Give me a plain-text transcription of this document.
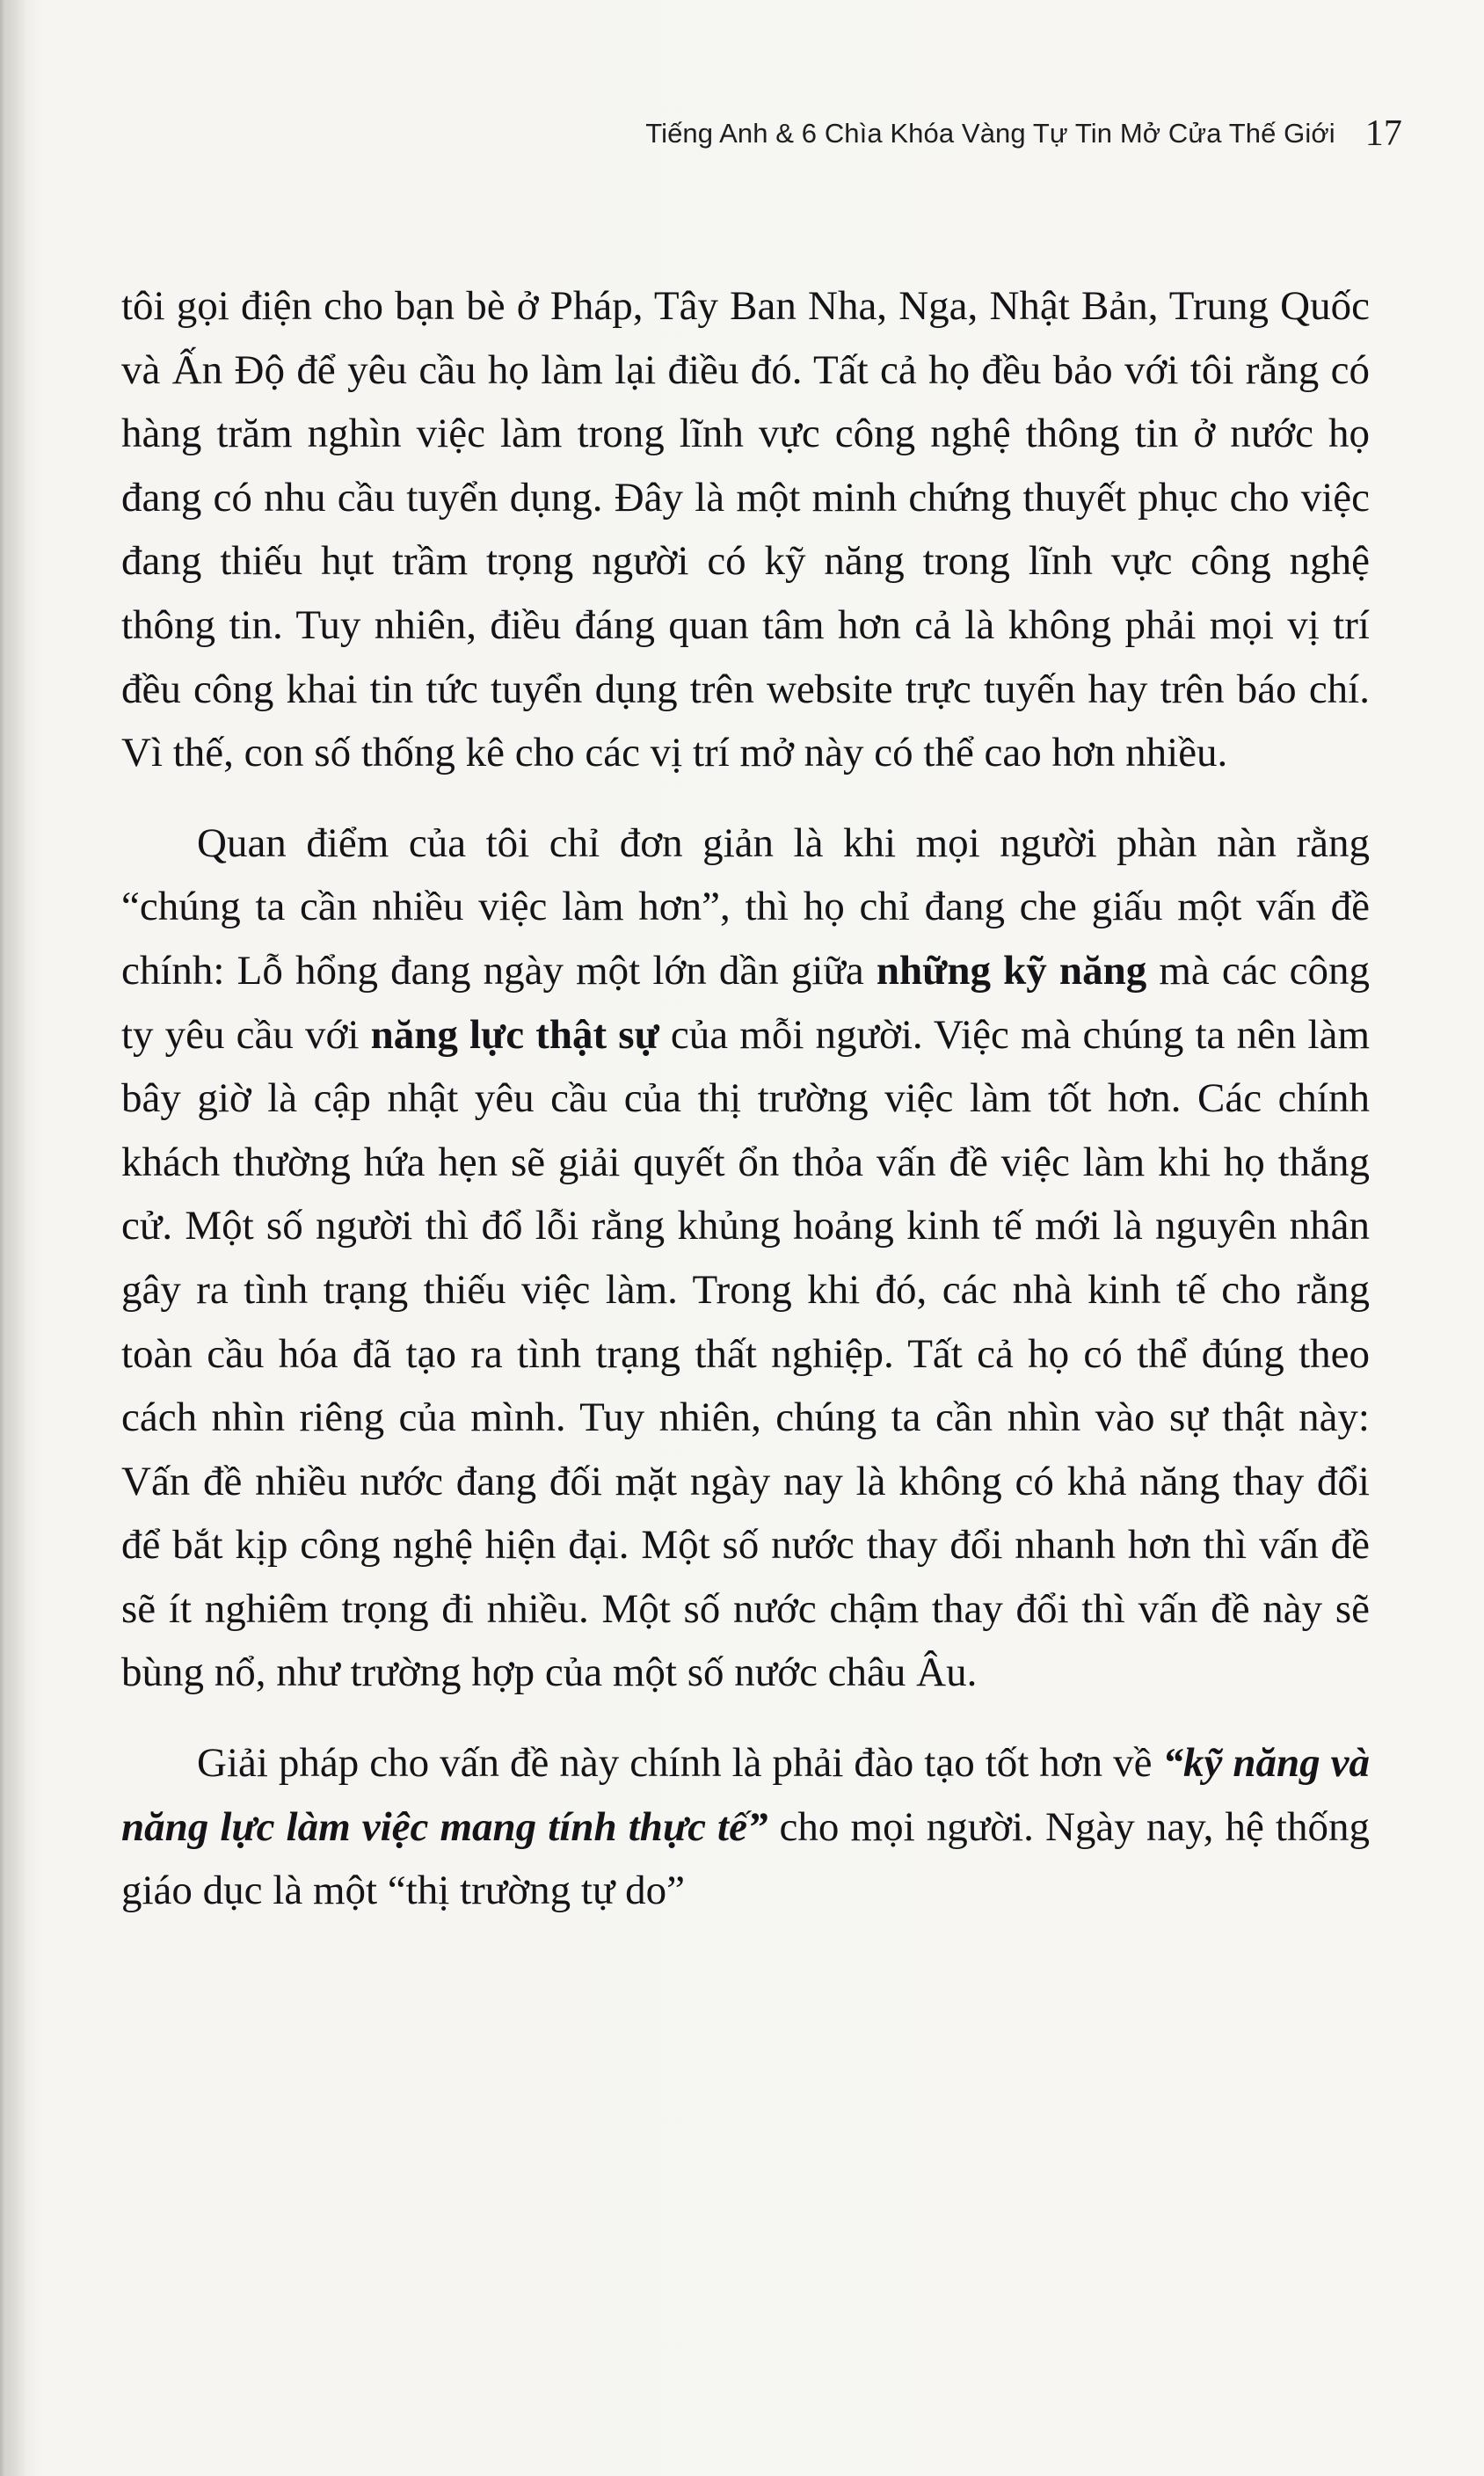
Tiếng Anh & 6 Chìa Khóa Vàng Tự Tin Mở Cửa Thế Giới 17

tôi gọi điện cho bạn bè ở Pháp, Tây Ban Nha, Nga, Nhật Bản, Trung Quốc và Ấn Độ để yêu cầu họ làm lại điều đó. Tất cả họ đều bảo với tôi rằng có hàng trăm nghìn việc làm trong lĩnh vực công nghệ thông tin ở nước họ đang có nhu cầu tuyển dụng. Đây là một minh chứng thuyết phục cho việc đang thiếu hụt trầm trọng người có kỹ năng trong lĩnh vực công nghệ thông tin. Tuy nhiên, điều đáng quan tâm hơn cả là không phải mọi vị trí đều công khai tin tức tuyển dụng trên website trực tuyến hay trên báo chí. Vì thế, con số thống kê cho các vị trí mở này có thể cao hơn nhiều.

Quan điểm của tôi chỉ đơn giản là khi mọi người phàn nàn rằng “chúng ta cần nhiều việc làm hơn”, thì họ chỉ đang che giấu một vấn đề chính: Lỗ hổng đang ngày một lớn dần giữa những kỹ năng mà các công ty yêu cầu với năng lực thật sự của mỗi người. Việc mà chúng ta nên làm bây giờ là cập nhật yêu cầu của thị trường việc làm tốt hơn. Các chính khách thường hứa hẹn sẽ giải quyết ổn thỏa vấn đề việc làm khi họ thắng cử. Một số người thì đổ lỗi rằng khủng hoảng kinh tế mới là nguyên nhân gây ra tình trạng thiếu việc làm. Trong khi đó, các nhà kinh tế cho rằng toàn cầu hóa đã tạo ra tình trạng thất nghiệp. Tất cả họ có thể đúng theo cách nhìn riêng của mình. Tuy nhiên, chúng ta cần nhìn vào sự thật này: Vấn đề nhiều nước đang đối mặt ngày nay là không có khả năng thay đổi để bắt kịp công nghệ hiện đại. Một số nước thay đổi nhanh hơn thì vấn đề sẽ ít nghiêm trọng đi nhiều. Một số nước chậm thay đổi thì vấn đề này sẽ bùng nổ, như trường hợp của một số nước châu Âu.

Giải pháp cho vấn đề này chính là phải đào tạo tốt hơn về “kỹ năng và năng lực làm việc mang tính thực tế” cho mọi người. Ngày nay, hệ thống giáo dục là một “thị trường tự do”
